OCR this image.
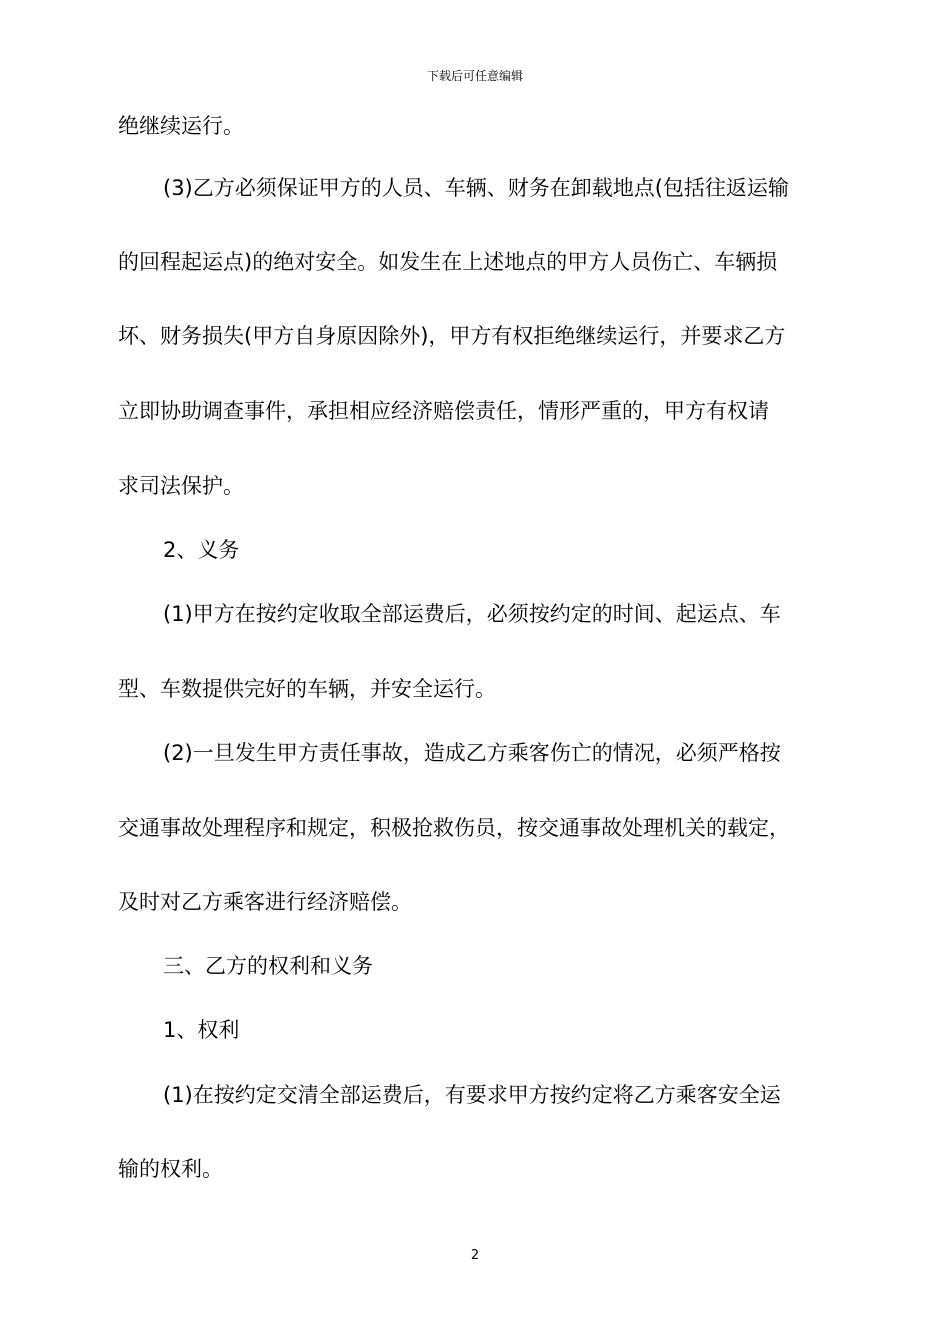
下载后可任意编辑
绝继续运行。
(3)乙方必须保证甲方的人员、车辆、财务在卸载地点(包括往返运输
的回程起运点)的绝对安全。如发生在上述地点的甲方人员伤亡、车辆损
坏、财务损失(甲方自身原因除外)，甲方有权拒绝继续运行，并要求乙方
立即协助调查事件，承担相应经济赔偿责任，情形严重的，甲方有权请
求司法保护。
2、义务
(1)甲方在按约定收取全部运费后，必须按约定的时间、起运点、车
型、车数提供完好的车辆，并安全运行。
(2)一旦发生甲方责任事故，造成乙方乘客伤亡的情况，必须严格按
交通事故处理程序和规定，积极抢救伤员，按交通事故处理机关的载定，
及时对乙方乘客进行经济赔偿。
三、乙方的权利和义务
1、权利
(1)在按约定交清全部运费后，有要求甲方按约定将乙方乘客安全运
输的权利。
2
